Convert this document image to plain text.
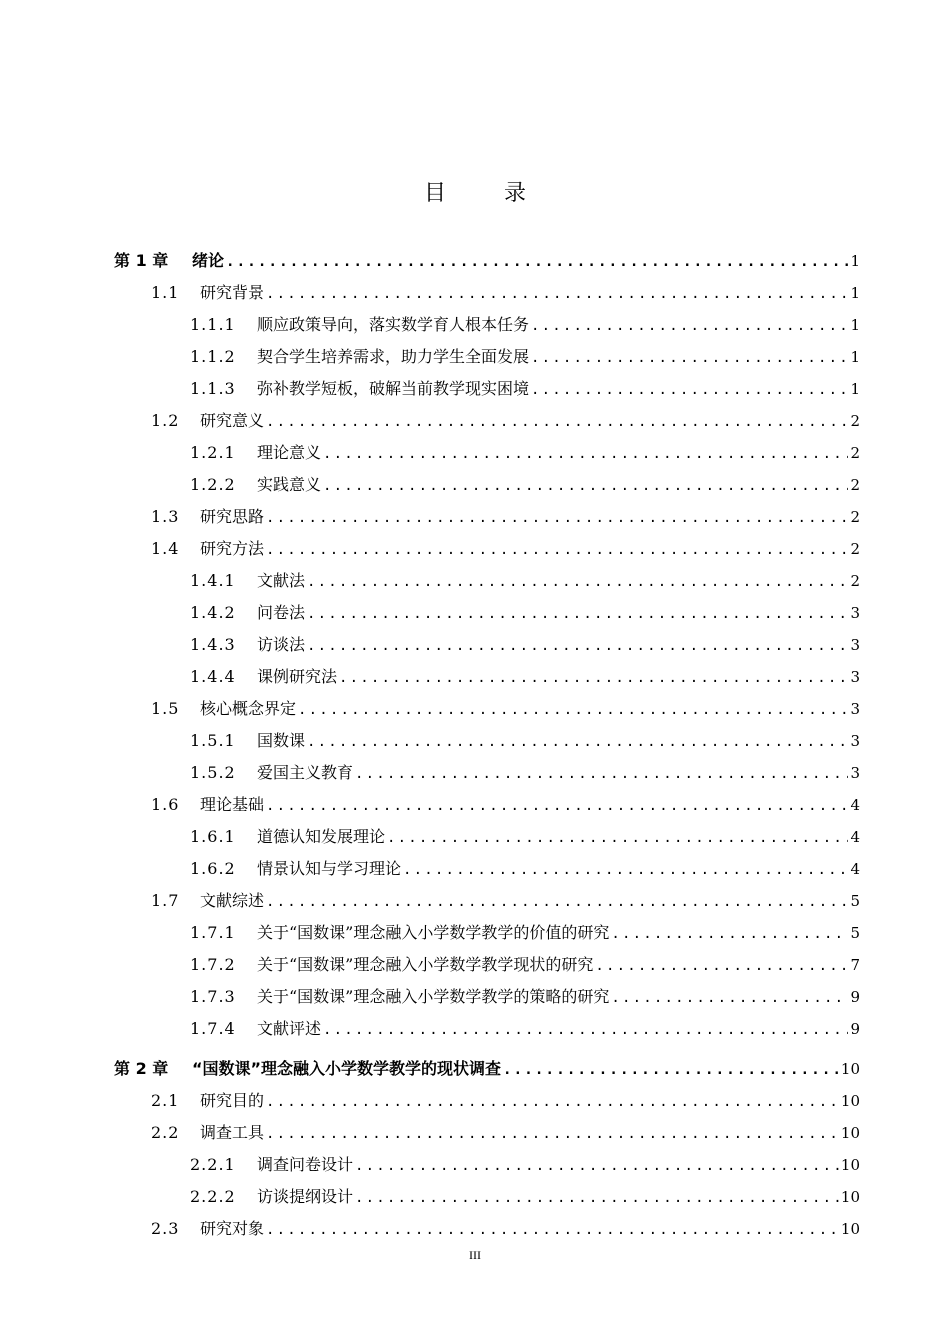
目	录
第 1 章	绪论 .....	1
1.1	研究背景 .....	1
1.1.1	顺应政策导向，落实数学育人根本任务 .....	1
1.1.2	契合学生培养需求，助力学生全面发展 .....	1
1.1.3	弥补教学短板，破解当前教学现实困境 .....	1
1.2	研究意义 .....	2
1.2.1	理论意义 .....	2
1.2.2	实践意义 .....	2
1.3	研究思路 .....	2
1.4	研究方法 .....	2
1.4.1	文献法 .....	2
1.4.2	问卷法 .....	3
1.4.3	访谈法 .....	3
1.4.4	课例研究法 .....	3
1.5	核心概念界定 .....	3
1.5.1	国数课 .....	3
1.5.2	爱国主义教育 .....	3
1.6	理论基础 .....	4
1.6.1	道德认知发展理论 .....	4
1.6.2	情景认知与学习理论 .....	4
1.7	文献综述 .....	5
1.7.1	关于“国数课”理念融入小学数学教学的价值的研究 .....	5
1.7.2	关于“国数课”理念融入小学数学教学现状的研究 .....	7
1.7.3	关于“国数课”理念融入小学数学教学的策略的研究 .....	9
1.7.4	文献评述 .....	9
第 2 章	“国数课”理念融入小学数学教学的现状调查 .....	10
2.1	研究目的 .....	10
2.2	调查工具 .....	10
2.2.1	调查问卷设计 .....	10
2.2.2	访谈提纲设计 .....	10
2.3	研究对象 .....	10
III
